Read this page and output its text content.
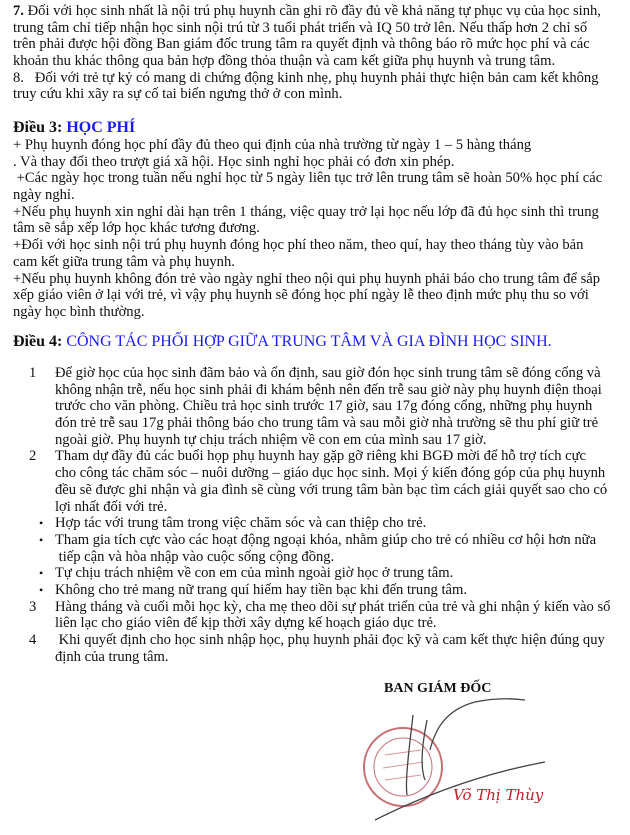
7. Đối với học sinh nhất là nội trú phụ huynh cần ghi rõ đầy đủ về khả năng tự phục vụ của học sinh,
trung tâm chỉ tiếp nhận học sinh nội trú từ 3 tuổi phát triển và IQ 50 trở lên. Nếu thấp hơn 2 chỉ số
trên phải được hội đồng Ban giám đốc trung tâm ra quyết định và thông báo rõ mức học phí và các
khoản thu khác thông qua bản hợp đồng thỏa thuận và cam kết giữa phụ huynh và trung tâm.
8.   Đối với trẻ tự kỷ có mang di chứng động kinh nhẹ, phụ huynh phải thực hiện bản cam kết không
truy cứu khi xãy ra sự cố tai biến ngưng thở ở con mình.
Điều 3: HỌC PHÍ
+ Phụ huynh đóng học phí đầy đủ theo qui định của nhà trường từ ngày 1 – 5 hàng tháng
. Và thay đổi theo trượt giá xã hội. Học sinh nghỉ học phải có đơn xin phép.
+Các ngày học trong tuần nếu nghỉ học từ 5 ngày liên tục trở lên trung tâm sẽ hoàn 50% học phí các
ngày nghỉ.
+Nếu phụ huynh xin nghỉ dài hạn trên 1 tháng, việc quay trở lại học nếu lớp đã đủ học sinh thì trung
tâm sẽ sắp xếp lớp học khác tương đương.
+Đối với học sinh nội trú phụ huynh đóng học phí theo năm, theo quí, hay theo tháng tùy vào bản
cam kết giữa trung tâm và phụ huynh.
+Nếu phụ huynh không đón trẻ vào ngày nghỉ theo nội qui phụ huynh phải báo cho trung tâm để sắp
xếp giáo viên ở lại với trẻ, vì vậy phụ huynh sẽ đóng học phí ngày lễ theo định mức phụ thu so với
ngày học bình thường.
Điều 4: CÔNG TÁC PHỐI HỢP GIỮA TRUNG TÂM VÀ GIA ĐÌNH HỌC SINH.
1 Để giờ học của học sinh đãm bảo và ổn định, sau giờ đón học sinh trung tâm sẽ đóng cổng và
không nhận trễ, nếu học sinh phải đi khám bệnh nên đến trễ sau giờ này phụ huynh điện thoại
trước cho văn phòng. Chiều trả học sinh trước 17 giờ, sau 17g đóng cổng, những phụ huynh
đón trẻ trễ sau 17g phải thông báo cho trung tâm và sau mỗi giờ nhà trường sẽ thu phí giữ trẻ
ngoài giờ. Phụ huynh tự chịu trách nhiệm về con em của mình sau 17 giờ.
2 Tham dự đầy đủ các buổi họp phụ huynh hay gặp gỡ riêng khi BGĐ mời để hỗ trợ tích cực
cho công tác chăm sóc – nuôi dưỡng – giáo dục học sinh. Mọi ý kiến đóng góp của phụ huynh
đều sẽ được ghi nhận và gia đình sẽ cùng với trung tâm bàn bạc tìm cách giải quyết sao cho có
lợi nhất đối với trẻ.
• Hợp tác với trung tâm trong việc chăm sóc và can thiệp cho trẻ.
• Tham gia tích cực vào các hoạt động ngoại khóa, nhằm giúp cho trẻ có nhiều cơ hội hơn nữa
tiếp cận và hòa nhập vào cuộc sống cộng đồng.
• Tự chịu trách nhiệm về con em của mình ngoài giờ học ở trung tâm.
• Không cho trẻ mang nữ trang quí hiếm hay tiền bạc khi đến trung tâm.
3 Hàng tháng và cuối mỗi học kỳ, cha mẹ theo dõi sự phát triển của trẻ và ghi nhận ý kiến vào sổ
liên lạc cho giáo viên để kịp thời xây dựng kế hoạch giáo dục trẻ.
4 Khi quyết định cho học sinh nhập học, phụ huynh phải đọc kỹ và cam kết thực hiện đúng quy
định của trung tâm.
BAN GIÁM ĐỐC
Võ Thị Thùy
